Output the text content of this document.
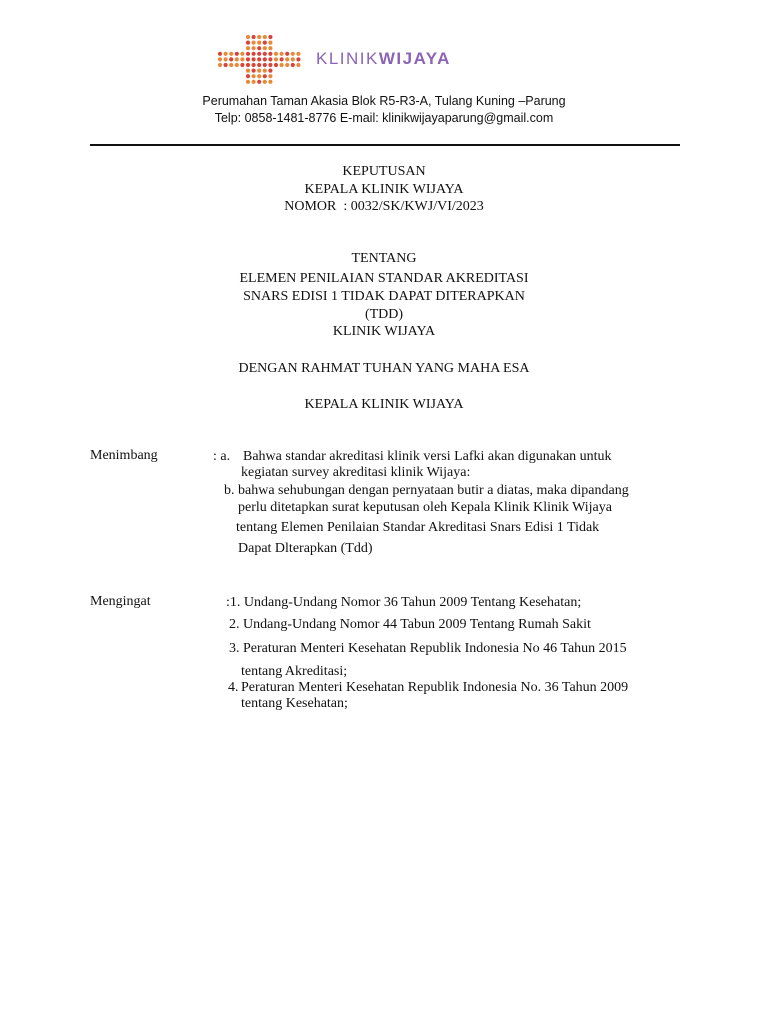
KLINIKWIJAYA
Perumahan Taman Akasia Blok R5-R3-A, Tulang Kuning –Parung
Telp: 0858-1481-8776 E-mail: klinikwijayaparung@gmail.com
KEPUTUSAN
KEPALA KLINIK WIJAYA
NOMOR  : 0032/SK/KWJ/VI/2023
TENTANG
ELEMEN PENILAIAN STANDAR AKREDITASI
SNARS EDISI 1 TIDAK DAPAT DITERAPKAN
(TDD)
KLINIK WIJAYA
DENGAN RAHMAT TUHAN YANG MAHA ESA
KEPALA KLINIK WIJAYA
Menimbang	: a. Bahwa standar akreditasi klinik versi Lafki akan digunakan untuk
kegiatan survey akreditasi klinik Wijaya:
b. bahwa sehubungan dengan pernyataan butir a diatas, maka dipandang
perlu ditetapkan surat keputusan oleh Kepala Klinik Klinik Wijaya
tentang Elemen Penilaian Standar Akreditasi Snars Edisi 1 Tidak
Dapat Dlterapkan (Tdd)
Mengingat	:1. Undang-Undang Nomor 36 Tahun 2009 Tentang Kesehatan;
2. Undang-Undang Nomor 44 Tabun 2009 Tentang Rumah Sakit
3. Peraturan Menteri Kesehatan Republik Indonesia No 46 Tahun 2015
tentang Akreditasi;
4. Peraturan Menteri Kesehatan Republik Indonesia No. 36 Tahun 2009
tentang Kesehatan;
